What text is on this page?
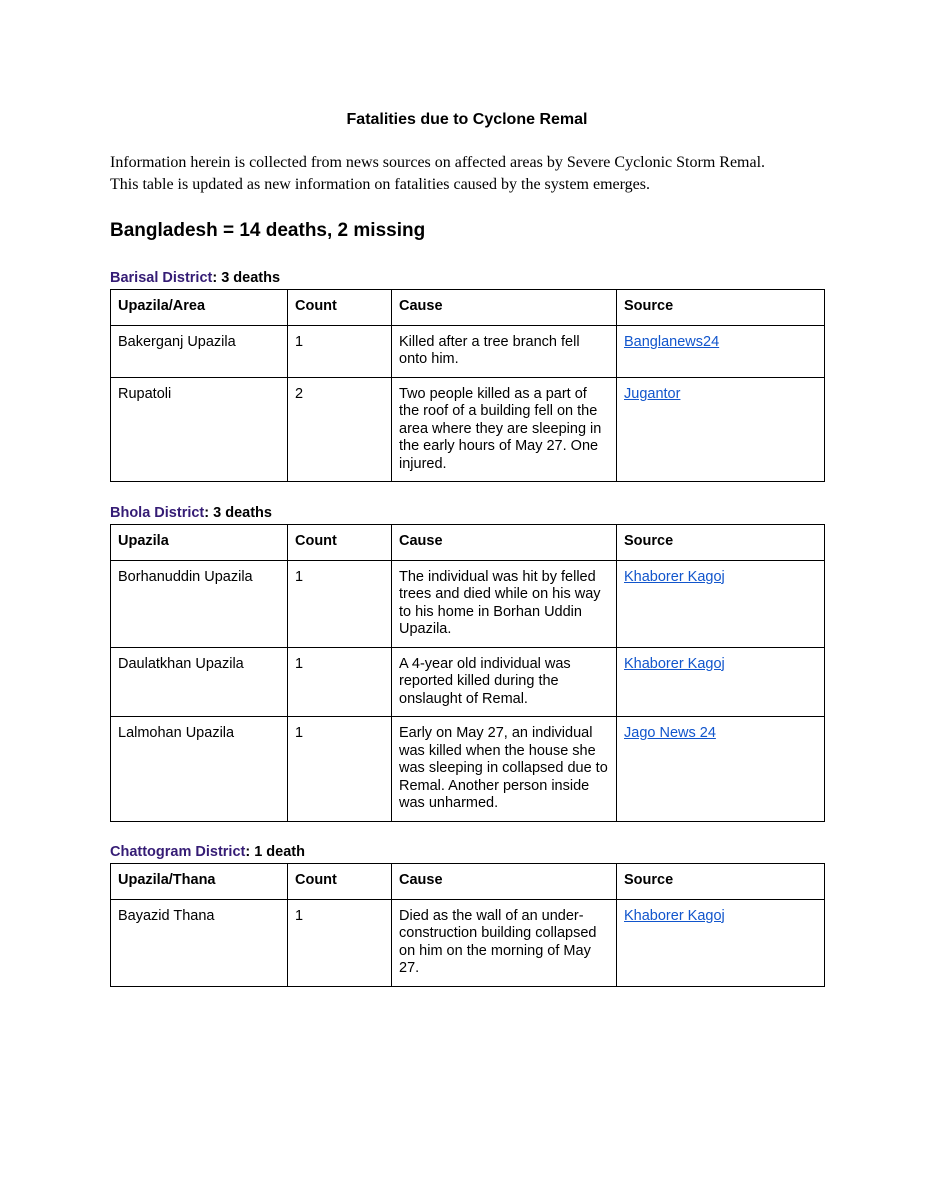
Fatalities due to Cyclone Remal

Information herein is collected from news sources on affected areas by Severe Cyclonic Storm Remal.

This table is updated as new information on fatalities caused by the system emerges.

Bangladesh = 14 deaths, 2 missing
Barisal District: 3 deaths
Upazila/Area	Count	Cause	Source
Bakerganj Upazila	1	Killed after a tree branch fell onto him.	Banglanews24
Rupatoli	2	Two people killed as a part of the roof of a building fell on the area where they are sleeping in the early hours of May 27. One injured.	Jugantor
Bhola District: 3 deaths
Upazila	Count	Cause	Source
Borhanuddin Upazila	1	The individual was hit by felled trees and died while on his way to his home in Borhan Uddin Upazila.	Khaborer Kagoj
Daulatkhan Upazila	1	A 4-year old individual was reported killed during the onslaught of Remal.	Khaborer Kagoj
Lalmohan Upazila	1	Early on May 27, an individual was killed when the house she was sleeping in collapsed due to Remal. Another person inside was unharmed.	Jago News 24
Chattogram District: 1 death
Upazila/Thana	Count	Cause	Source
Bayazid Thana	1	Died as the wall of an under-construction building collapsed on him on the morning of May 27.	Khaborer Kagoj
